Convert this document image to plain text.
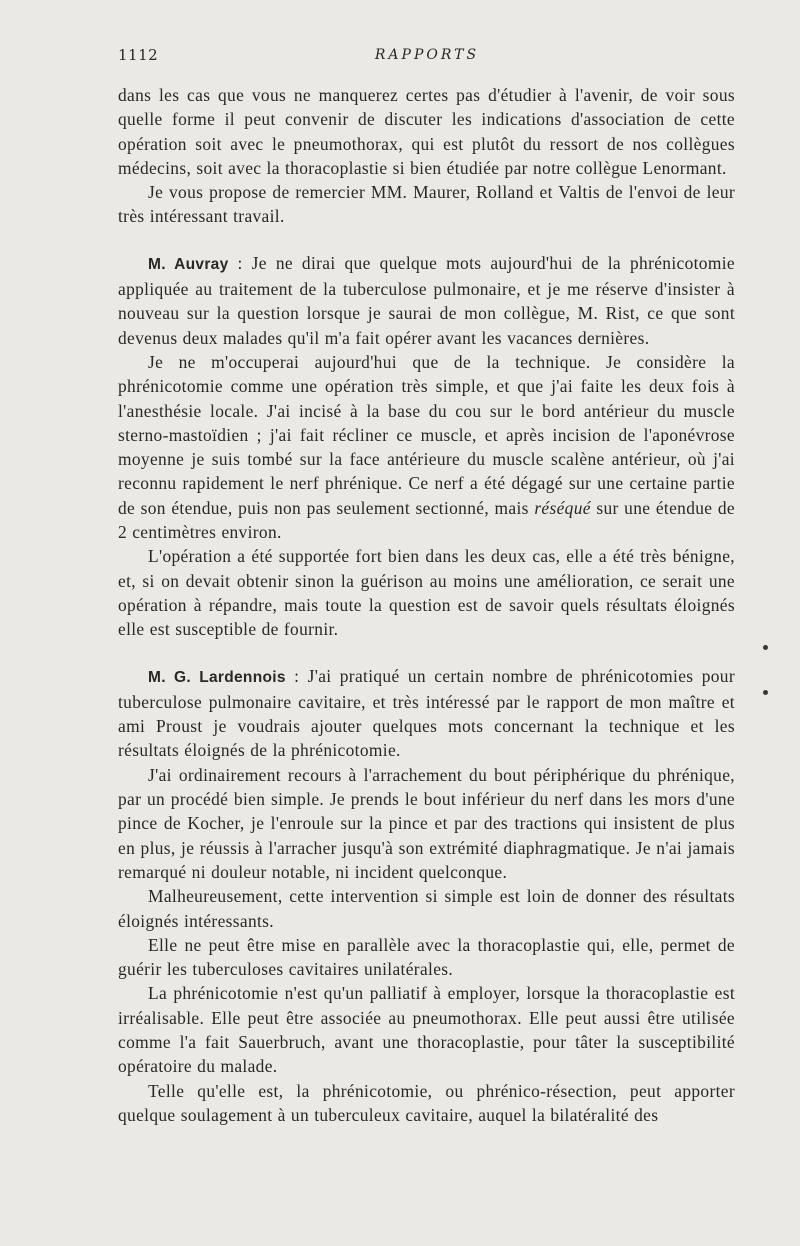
1112	RAPPORTS

dans les cas que vous ne manquerez certes pas d'étudier à l'avenir, de voir sous quelle forme il peut convenir de discuter les indications d'association de cette opération soit avec le pneumothorax, qui est plutôt du ressort de nos collègues médecins, soit avec la thoracoplastie si bien étudiée par notre collègue Lenormant.

Je vous propose de remercier MM. Maurer, Rolland et Valtis de l'envoi de leur très intéressant travail.

M. Auvray : Je ne dirai que quelque mots aujourd'hui de la phrénicotomie appliquée au traitement de la tuberculose pulmonaire, et je me réserve d'insister à nouveau sur la question lorsque je saurai de mon collègue, M. Rist, ce que sont devenus deux malades qu'il m'a fait opérer avant les vacances dernières.

Je ne m'occuperai aujourd'hui que de la technique. Je considère la phrénicotomie comme une opération très simple, et que j'ai faite les deux fois à l'anesthésie locale. J'ai incisé à la base du cou sur le bord antérieur du muscle sterno-mastoïdien ; j'ai fait récliner ce muscle, et après incision de l'aponévrose moyenne je suis tombé sur la face antérieure du muscle scalène antérieur, où j'ai reconnu rapidement le nerf phrénique. Ce nerf a été dégagé sur une certaine partie de son étendue, puis non pas seulement sectionné, mais réséqué sur une étendue de 2 centimètres environ.

L'opération a été supportée fort bien dans les deux cas, elle a été très bénigne, et, si on devait obtenir sinon la guérison au moins une amélioration, ce serait une opération à répandre, mais toute la question est de savoir quels résultats éloignés elle est susceptible de fournir.

M. G. Lardennois : J'ai pratiqué un certain nombre de phrénicotomies pour tuberculose pulmonaire cavitaire, et très intéressé par le rapport de mon maître et ami Proust je voudrais ajouter quelques mots concernant la technique et les résultats éloignés de la phrénicotomie.

J'ai ordinairement recours à l'arrachement du bout périphérique du phrénique, par un procédé bien simple. Je prends le bout inférieur du nerf dans les mors d'une pince de Kocher, je l'enroule sur la pince et par des tractions qui insistent de plus en plus, je réussis à l'arracher jusqu'à son extrémité diaphragmatique. Je n'ai jamais remarqué ni douleur notable, ni incident quelconque.

Malheureusement, cette intervention si simple est loin de donner des résultats éloignés intéressants.

Elle ne peut être mise en parallèle avec la thoracoplastie qui, elle, permet de guérir les tuberculoses cavitaires unilatérales.

La phrénicotomie n'est qu'un palliatif à employer, lorsque la thoracoplastie est irréalisable. Elle peut être associée au pneumothorax. Elle peut aussi être utilisée comme l'a fait Sauerbruch, avant une thoracoplastie, pour tâter la susceptibilité opératoire du malade.

Telle qu'elle est, la phrénicotomie, ou phrénico-résection, peut apporter quelque soulagement à un tuberculeux cavitaire, auquel la bilatéralité des
